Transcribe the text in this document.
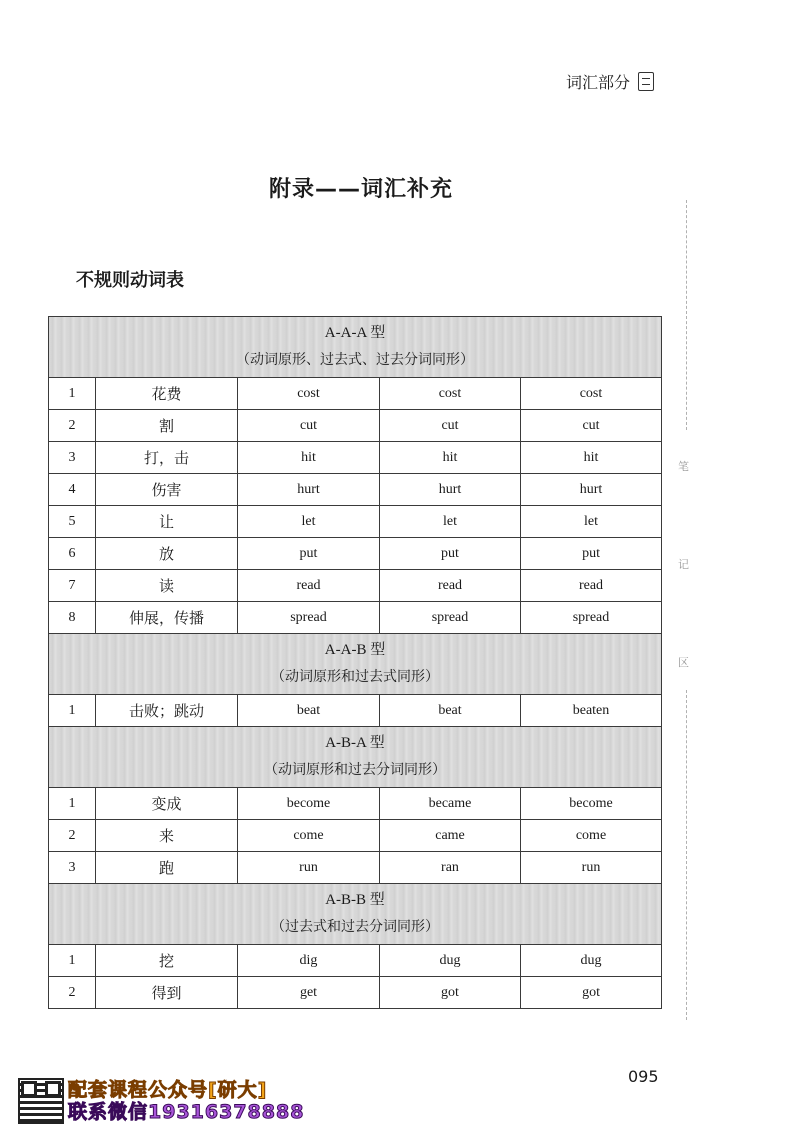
词汇部分
附录——词汇补充
不规则动词表
笔
记
区
A-A-A 型
（动词原形、过去式、过去分词同形）				

1	花费	cost	cost	cost
2	割	cut	cut	cut
3	打，击	hit	hit	hit
4	伤害	hurt	hurt	hurt
5	让	let	let	let
6	放	put	put	put
7	读	read	read	read
8	伸展，传播	spread	spread	spread

A-A-B 型
（动词原形和过去式同形）				

1	击败；跳动	beat	beat	beaten

A-B-A 型
（动词原形和过去分词同形）				

1	变成	become	became	become
2	来	come	came	come
3	跑	run	ran	run

A-B-B 型
（过去式和过去分词同形）				

1	挖	dig	dug	dug
2	得到	get	got	got
095
配套课程公众号[研大]
联系微信19316378888
